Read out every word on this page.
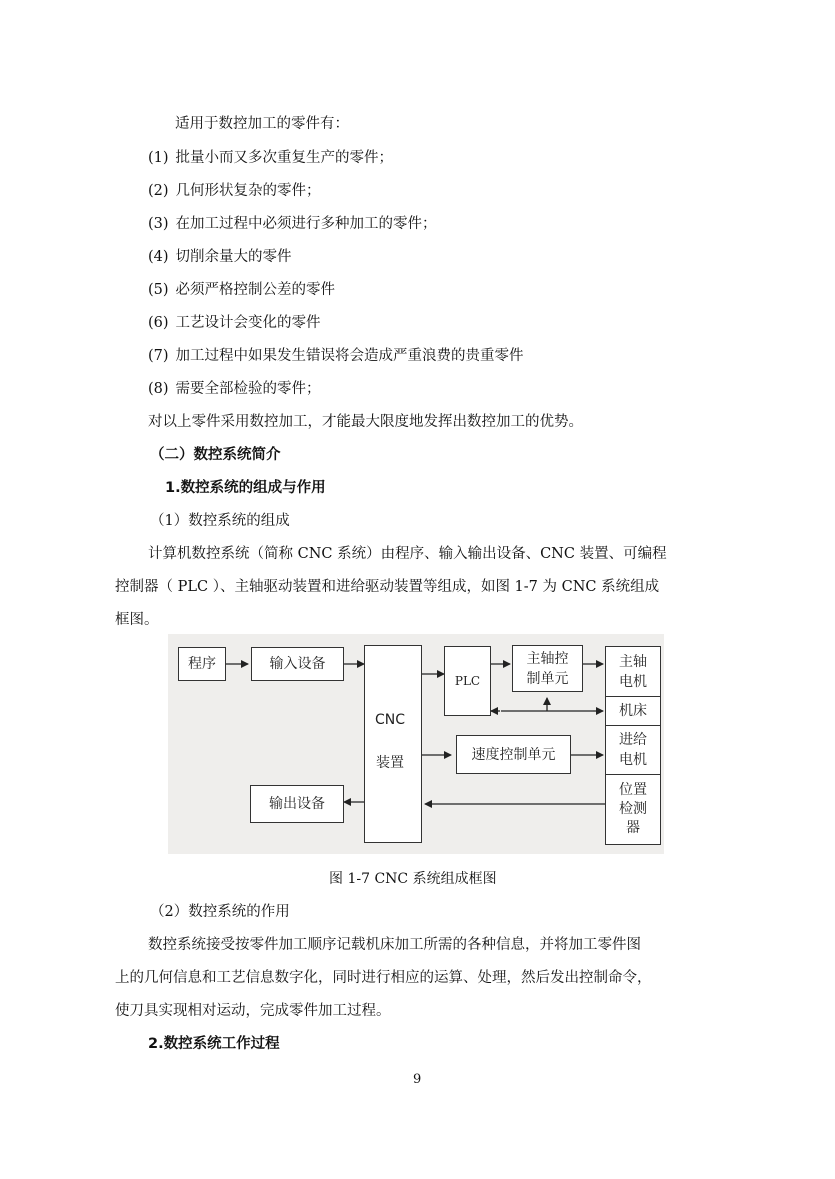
适用于数控加工的零件有：
(1) 批量小而又多次重复生产的零件；
(2) 几何形状复杂的零件；
(3) 在加工过程中必须进行多种加工的零件；
(4) 切削余量大的零件
(5) 必须严格控制公差的零件
(6) 工艺设计会变化的零件
(7) 加工过程中如果发生错误将会造成严重浪费的贵重零件
(8) 需要全部检验的零件；
对以上零件采用数控加工，才能最大限度地发挥出数控加工的优势。
（二）数控系统简介
1.数控系统的组成与作用
（1）数控系统的组成
计算机数控系统（简称 CNC 系统）由程序、输入输出设备、CNC 装置、可编程
控制器（ PLC ）、主轴驱动装置和进给驱动装置等组成，如图 1-7 为 CNC 系统组成
框图。
程序	输入设备
CNC
装置
PLC
主轴控
制单元
主轴
电机
机床
进给
电机
位置
检测
器
速度控制单元
输出设备
图 1-7 CNC 系统组成框图
（2）数控系统的作用
数控系统接受按零件加工顺序记载机床加工所需的各种信息，并将加工零件图
上的几何信息和工艺信息数字化，同时进行相应的运算、处理，然后发出控制命令，
使刀具实现相对运动，完成零件加工过程。
2.数控系统工作过程
9
